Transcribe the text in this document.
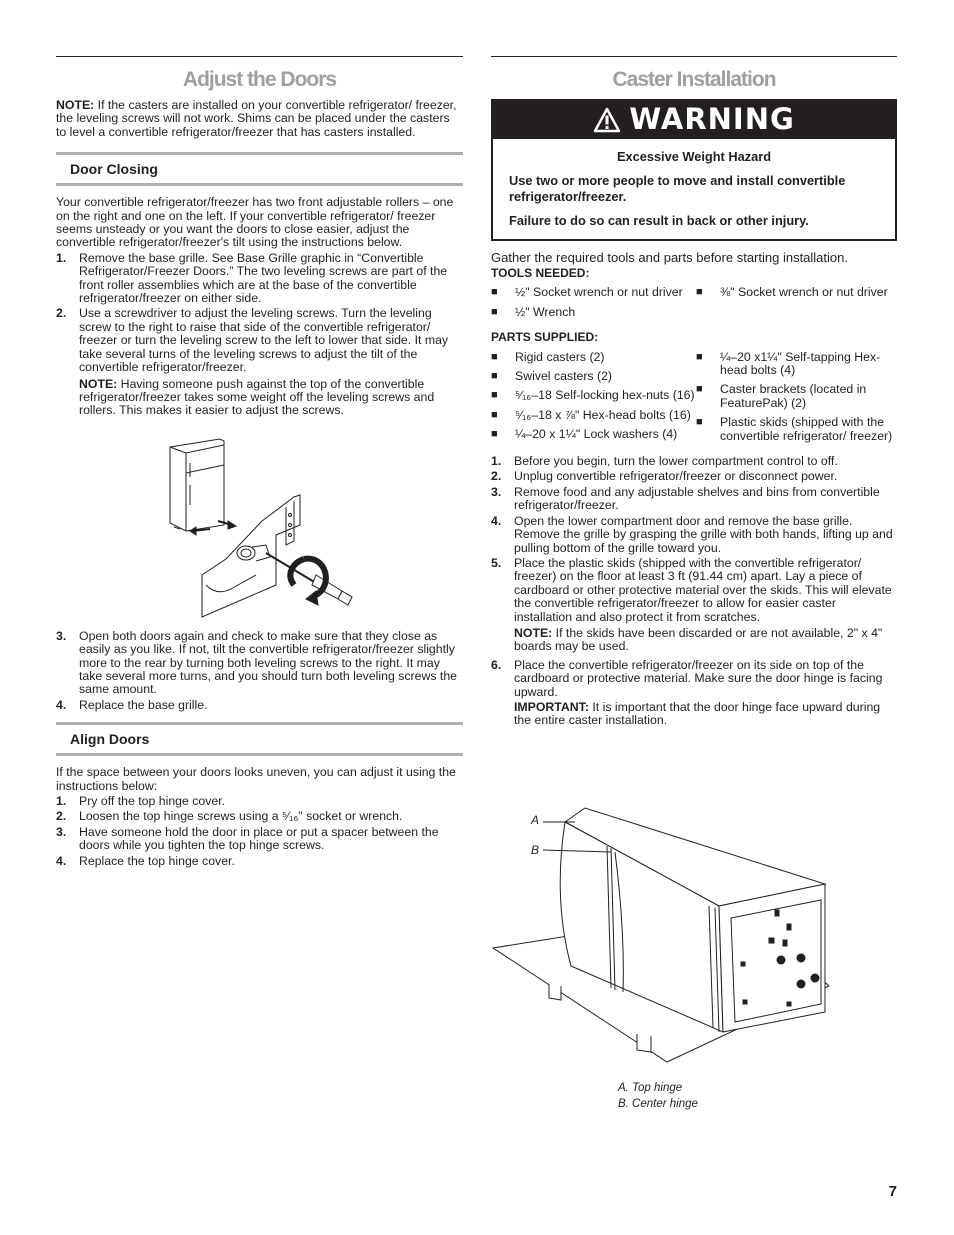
Adjust the Doors

NOTE: If the casters are installed on your convertible refrigerator/ freezer, the leveling screws will not work. Shims can be placed under the casters to level a convertible refrigerator/freezer that has casters installed.

Door Closing

Your convertible refrigerator/freezer has two front adjustable rollers – one on the right and one on the left. If your convertible refrigerator/ freezer seems unsteady or you want the doors to close easier, adjust the convertible refrigerator/freezer's tilt using the instructions below.

1. Remove the base grille. See Base Grille graphic in “Convertible Refrigerator/Freezer Doors.” The two leveling screws are part of the front roller assemblies which are at the base of the convertible refrigerator/freezer on either side.
2. Use a screwdriver to adjust the leveling screws. Turn the leveling screw to the right to raise that side of the convertible refrigerator/ freezer or turn the leveling screw to the left to lower that side. It may take several turns of the leveling screws to adjust the tilt of the convertible refrigerator/freezer.
NOTE: Having someone push against the top of the convertible refrigerator/freezer takes some weight off the leveling screws and rollers. This makes it easier to adjust the screws.
3. Open both doors again and check to make sure that they close as easily as you like. If not, tilt the convertible refrigerator/freezer slightly more to the rear by turning both leveling screws to the right. It may take several more turns, and you should turn both leveling screws the same amount.
4. Replace the base grille.
Align Doors

If the space between your doors looks uneven, you can adjust it using the instructions below:

1. Pry off the top hinge cover.
2. Loosen the top hinge screws using a ⁵⁄₁₆" socket or wrench.
3. Have someone hold the door in place or put a spacer between the doors while you tighten the top hinge screws.
4. Replace the top hinge cover.
Caster Installation
WARNING
Excessive Weight Hazard
Use two or more people to move and install convertible refrigerator/freezer.
Failure to do so can result in back or other injury.

Gather the required tools and parts before starting installation.

TOOLS NEEDED:

■ ½" Socket wrench or nut driver
■ ½" Wrench
■ ⅜" Socket wrench or nut driver

PARTS SUPPLIED:

■ Rigid casters (2)
■ Swivel casters (2)
■ ⁵⁄₁₆–18 Self-locking hex-nuts (16)
■ ⁵⁄₁₆–18 x ⅞" Hex-head bolts (16)
■ ¼–20 x 1¼" Lock washers (4)
■ ¼–20 x1¼" Self-tapping Hex-head bolts (4)
■ Caster brackets (located in FeaturePak) (2)
■ Plastic skids (shipped with the convertible refrigerator/ freezer)
1. Before you begin, turn the lower compartment control to off.
2. Unplug convertible refrigerator/freezer or disconnect power.
3. Remove food and any adjustable shelves and bins from convertible refrigerator/freezer.
4. Open the lower compartment door and remove the base grille. Remove the grille by grasping the grille with both hands, lifting up and pulling bottom of the grille toward you.
5. Place the plastic skids (shipped with the convertible refrigerator/ freezer) on the floor at least 3 ft (91.44 cm) apart. Lay a piece of cardboard or other protective material over the skids. This will elevate the convertible refrigerator/freezer to allow for easier caster installation and also protect it from scratches.
NOTE: If the skids have been discarded or are not available, 2" x 4" boards may be used.
6. Place the convertible refrigerator/freezer on its side on top of the cardboard or protective material. Make sure the door hinge is facing upward.
IMPORTANT: It is important that the door hinge face upward during the entire caster installation.
A
B
A. Top hinge
B. Center hinge
7
